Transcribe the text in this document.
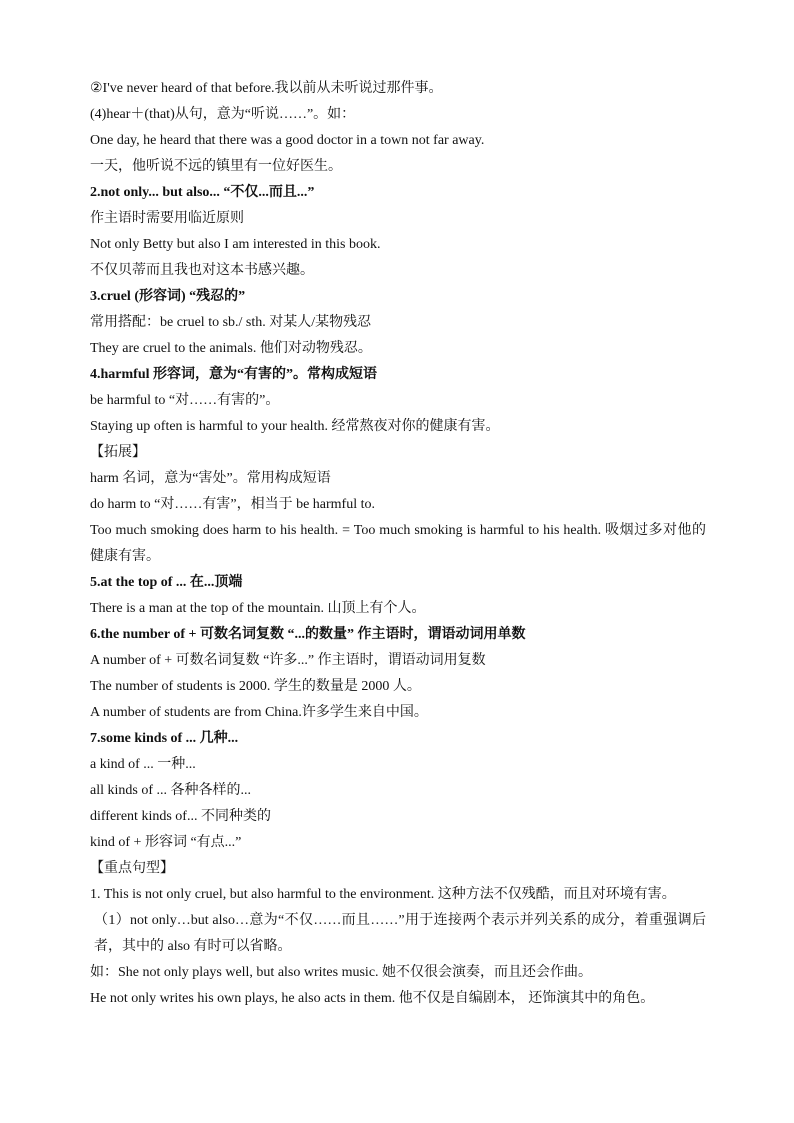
②I've never heard of that before.我以前从未听说过那件事。
(4)hear＋(that)从句，意为“听说……”。如：
One day, he heard that there was a good doctor in a town not far away.
一天，他听说不远的镇里有一位好医生。
2.not only... but also... “不仅...而且...”
作主语时需要用临近原则
Not only Betty but also I am interested in this book.
不仅贝蒂而且我也对这本书感兴趣。
3.cruel (形容词) “残忍的”
常用搭配：be cruel to sb./ sth. 对某人/某物残忍
They are cruel to the animals. 他们对动物残忍。
4.harmful 形容词，意为“有害的”。常构成短语
be harmful to “对……有害的”。
Staying up often is harmful to your health. 经常熬夜对你的健康有害。
【拓展】
harm 名词，意为“害处”。常用构成短语
do harm to “对……有害”，相当于 be harmful to.
Too much smoking does harm to his health. = Too much smoking is harmful to his health. 吸烟过多对他的健康有害。
5.at the top of ... 在...顶端
There is a man at the top of the mountain. 山顶上有个人。
6.the number of + 可数名词复数 “...的数量” 作主语时，谓语动词用单数
A number of + 可数名词复数 “许多...” 作主语时，谓语动词用复数
The number of students is 2000. 学生的数量是 2000 人。
A number of students are from China.许多学生来自中国。
7.some kinds of ... 几种...
a kind of ... 一种...
all kinds of ... 各种各样的...
different kinds of... 不同种类的
kind of + 形容词 “有点...”
【重点句型】
1. This is not only cruel, but also harmful to the environment. 这种方法不仅残酷，而且对环境有害。
（1）not only…but also…意为“不仅……而且……”用于连接两个表示并列关系的成分，着重强调后者，其中的 also 有时可以省略。
如：She not only plays well, but also writes music. 她不仅很会演奏，而且还会作曲。
He not only writes his own plays, he also acts in them. 他不仅是自编剧本， 还饰演其中的角色。
